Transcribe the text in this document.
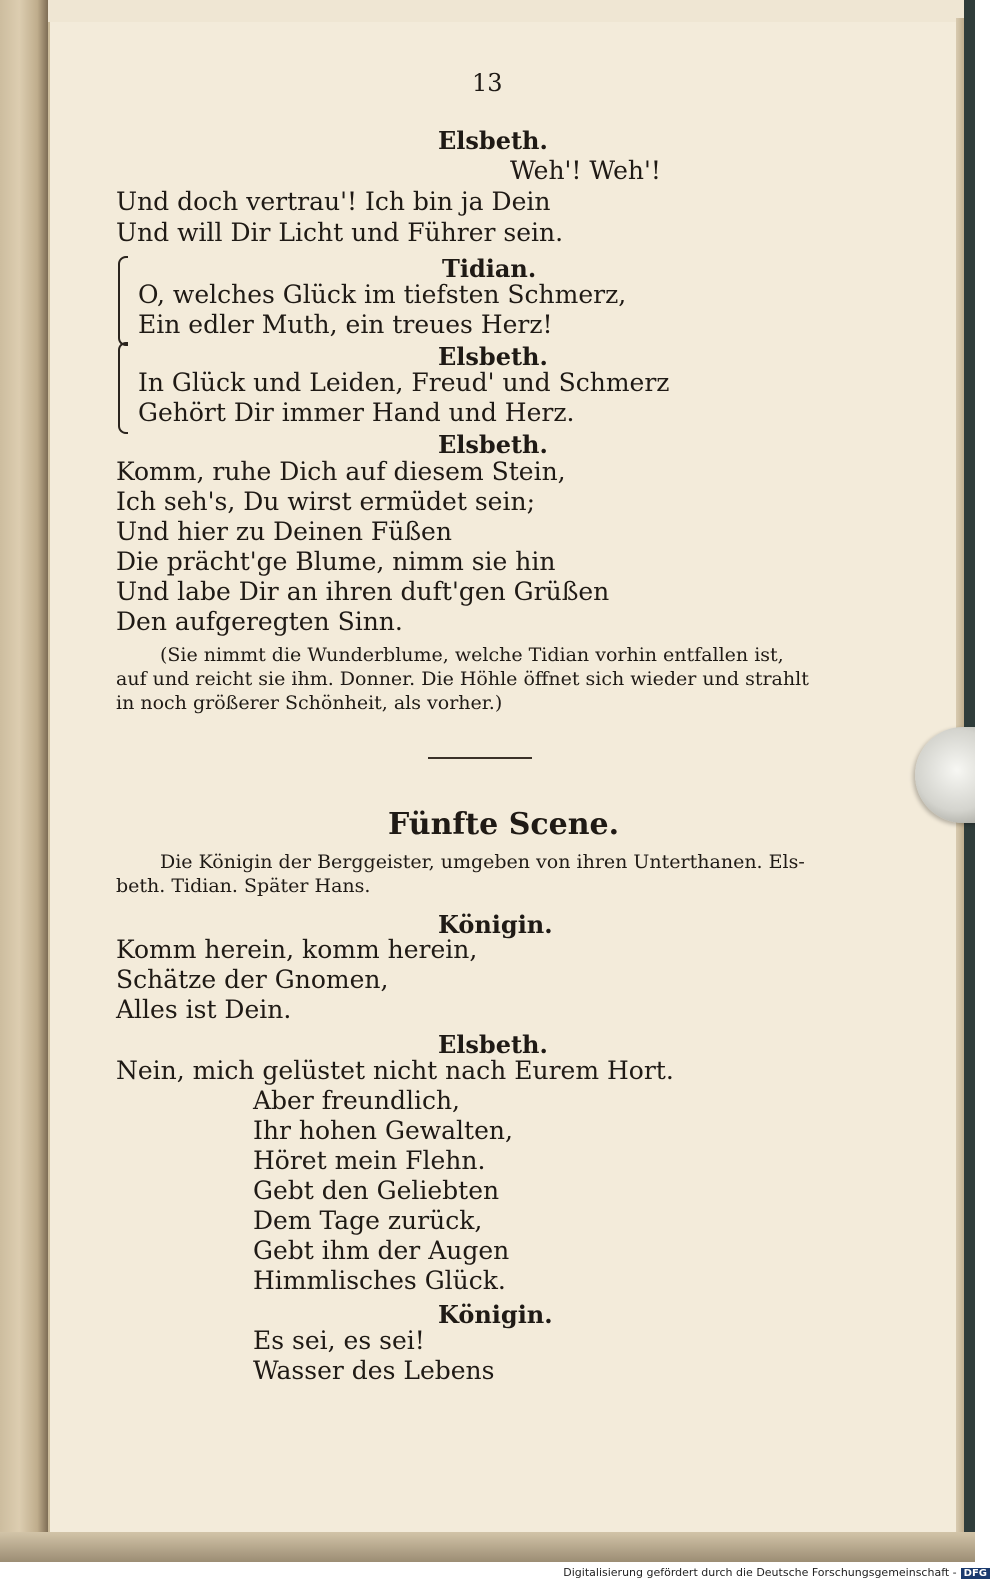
13
Elsbeth.
Weh'! Weh'!
Und doch vertrau'! Ich bin ja Dein
Und will Dir Licht und Führer sein.
Tidian.
O, welches Glück im tiefsten Schmerz,
Ein edler Muth, ein treues Herz!
Elsbeth.
In Glück und Leiden, Freud' und Schmerz
Gehört Dir immer Hand und Herz.
Elsbeth.
Komm, ruhe Dich auf diesem Stein,
Ich seh's, Du wirst ermüdet sein;
Und hier zu Deinen Füßen
Die prächt'ge Blume, nimm sie hin
Und labe Dir an ihren duft'gen Grüßen
Den aufgeregten Sinn.
(Sie nimmt die Wunderblume, welche Tidian vorhin entfallen ist,
auf und reicht sie ihm. Donner. Die Höhle öffnet sich wieder und strahlt
in noch größerer Schönheit, als vorher.)
Fünfte Scene.
Die Königin der Berggeister, umgeben von ihren Unterthanen. Els-
beth. Tidian. Später Hans.
Königin.
Komm herein, komm herein,
Schätze der Gnomen,
Alles ist Dein.
Elsbeth.
Nein, mich gelüstet nicht nach Eurem Hort.
Aber freundlich,
Ihr hohen Gewalten,
Höret mein Flehn.
Gebt den Geliebten
Dem Tage zurück,
Gebt ihm der Augen
Himmlisches Glück.
Königin.
Es sei, es sei!
Wasser des Lebens
Digitalisierung gefördert durch die Deutsche Forschungsgemeinschaft - DFG
